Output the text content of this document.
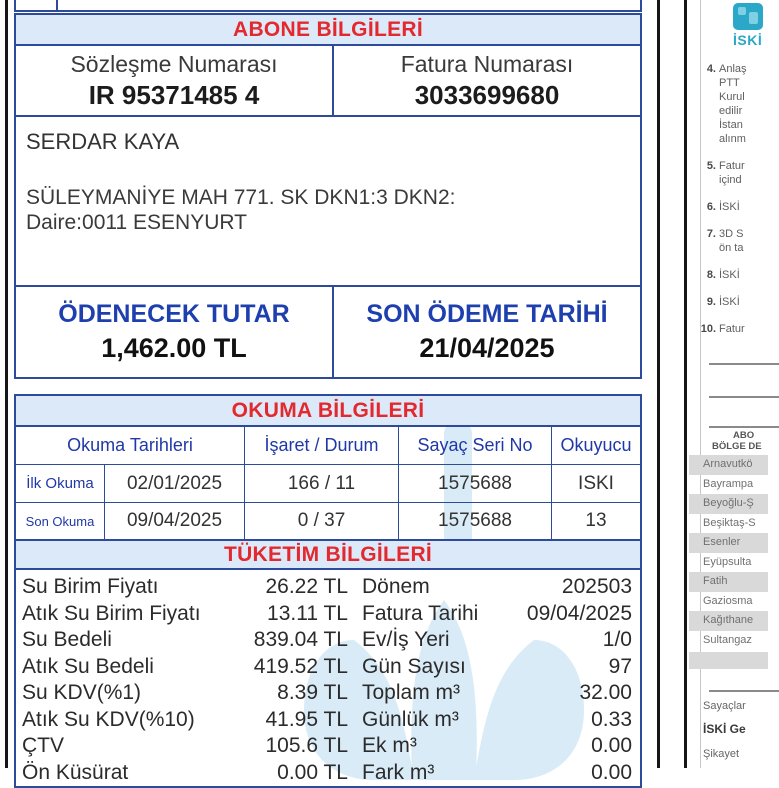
ABONE BİLGİLERİ
Sözleşme Numarası
IR 95371485 4
Fatura Numarası
3033699680
SERDAR KAYA
SÜLEYMANİYE MAH 771. SK DKN1:3 DKN2:
Daire:0011 ESENYURT
ÖDENECEK TUTAR
1,462.00 TL
SON ÖDEME TARİHİ
21/04/2025
OKUMA BİLGİLERİ
Okuma Tarihleri	İşaret / Durum	Sayaç Seri No	Okuyucu
İlk Okuma	02/01/2025	166 / 11	1575688	ISKI
Son Okuma	09/04/2025	0 / 37	1575688	13
TÜKETİM BİLGİLERİ
Su Birim Fiyatı	26.22 TL Dönem	202503
Atık Su Birim Fiyatı	13.11 TL Fatura Tarihi	09/04/2025
Su Bedeli	839.04 TL Ev/İş Yeri	1/0
Atık Su Bedeli	419.52 TL Gün Sayısı	97
Su KDV(%1)	8.39 TL Toplam m³	32.00
Atık Su KDV(%10)	41.95 TL Günlük m³	0.33
ÇTV	105.6 TL Ek m³	0.00
Ön Küsürat	0.00 TL Fark m³	0.00
İSKİ
4. Anlaş
PTT
Kurul
edilir
İstan
alınm
5. Fatur
içind
6. İSKİ
7. 3D S
ön ta
8. İSKİ
9. İSKİ
10. Fatur
ABO
BÖLGE DE
Arnavutkö
Bayrampa
Beyoğlu-Ş
Beşiktaş-S
Esenler
Eyüpsulta
Fatih
Gaziosma
Kağıthane
Sultangaz
Sayaçlar
İSKİ Ge
Şikayet
